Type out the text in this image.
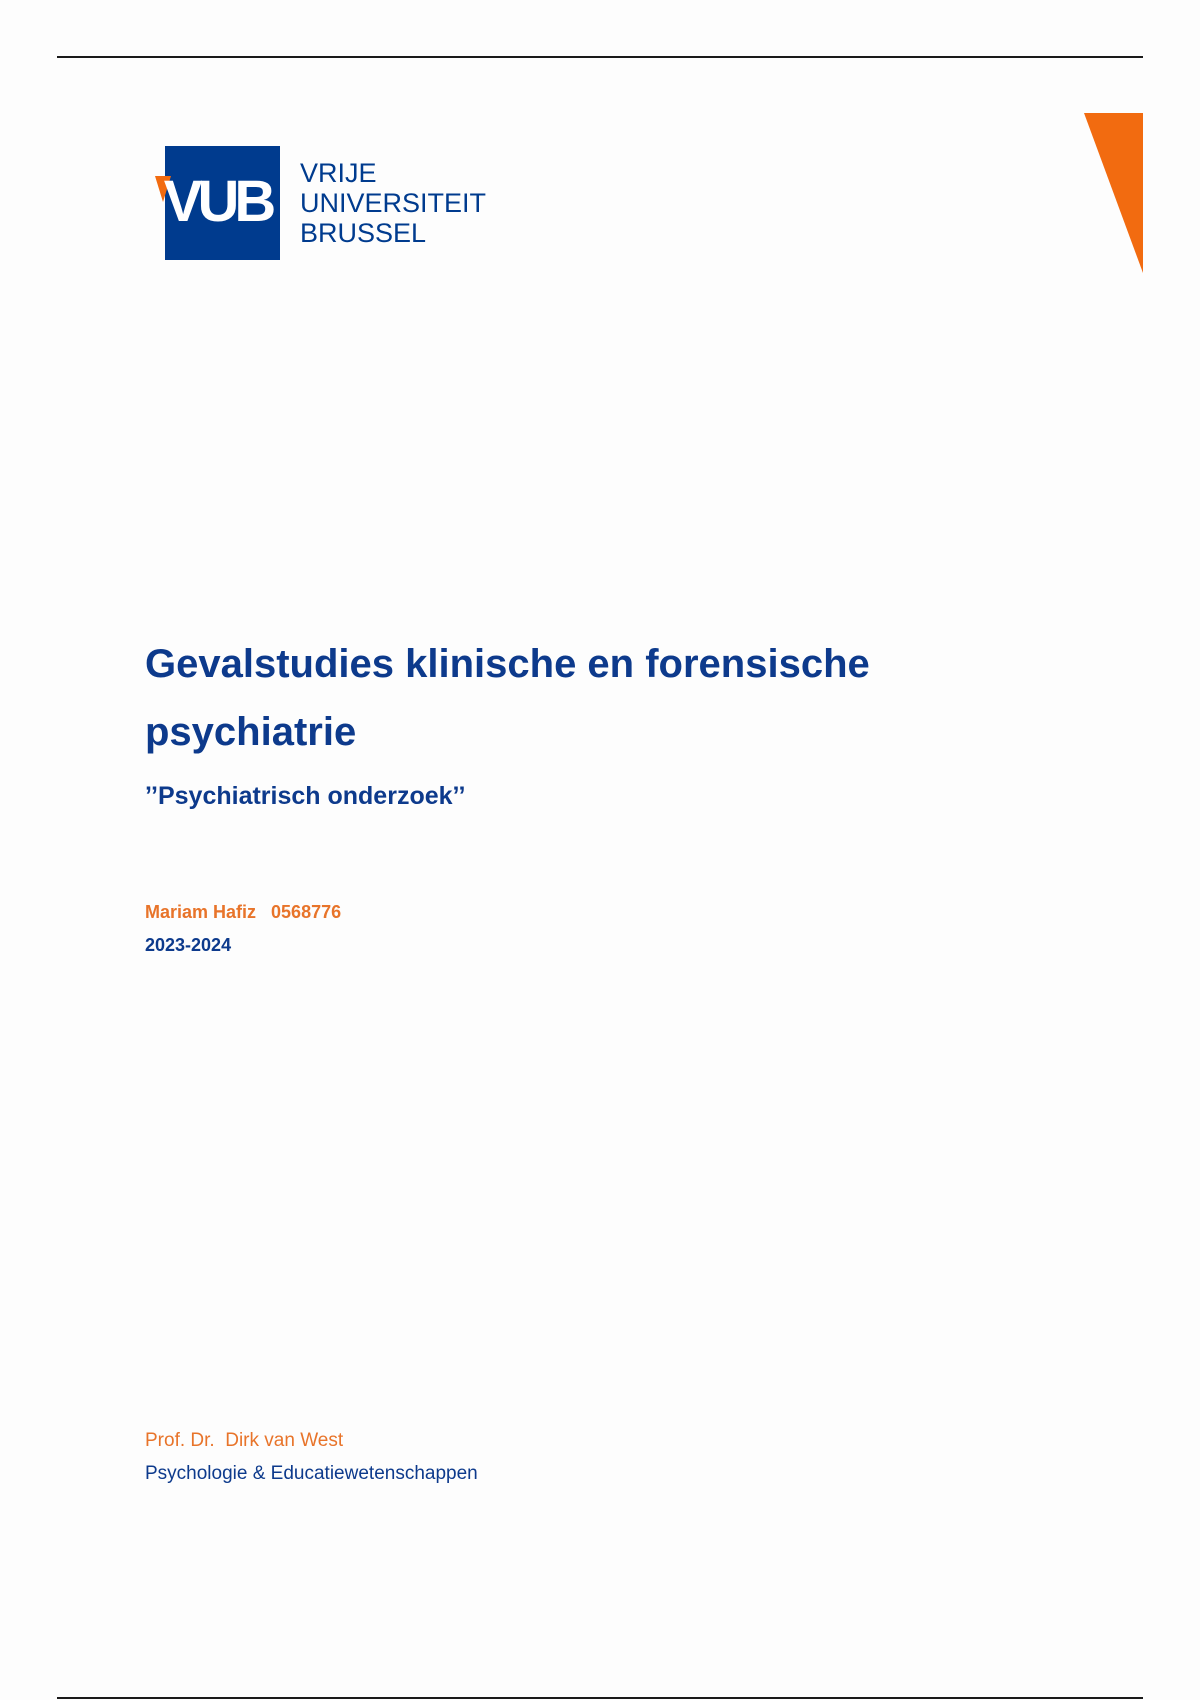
VUB	VRIJE
UNIVERSITEIT
BRUSSEL
Gevalstudies klinische en forensische psychiatrie
’’Psychiatrisch onderzoek’’
Mariam Hafiz   0568776
2023-2024
Prof. Dr.  Dirk van West
Psychologie & Educatiewetenschappen
